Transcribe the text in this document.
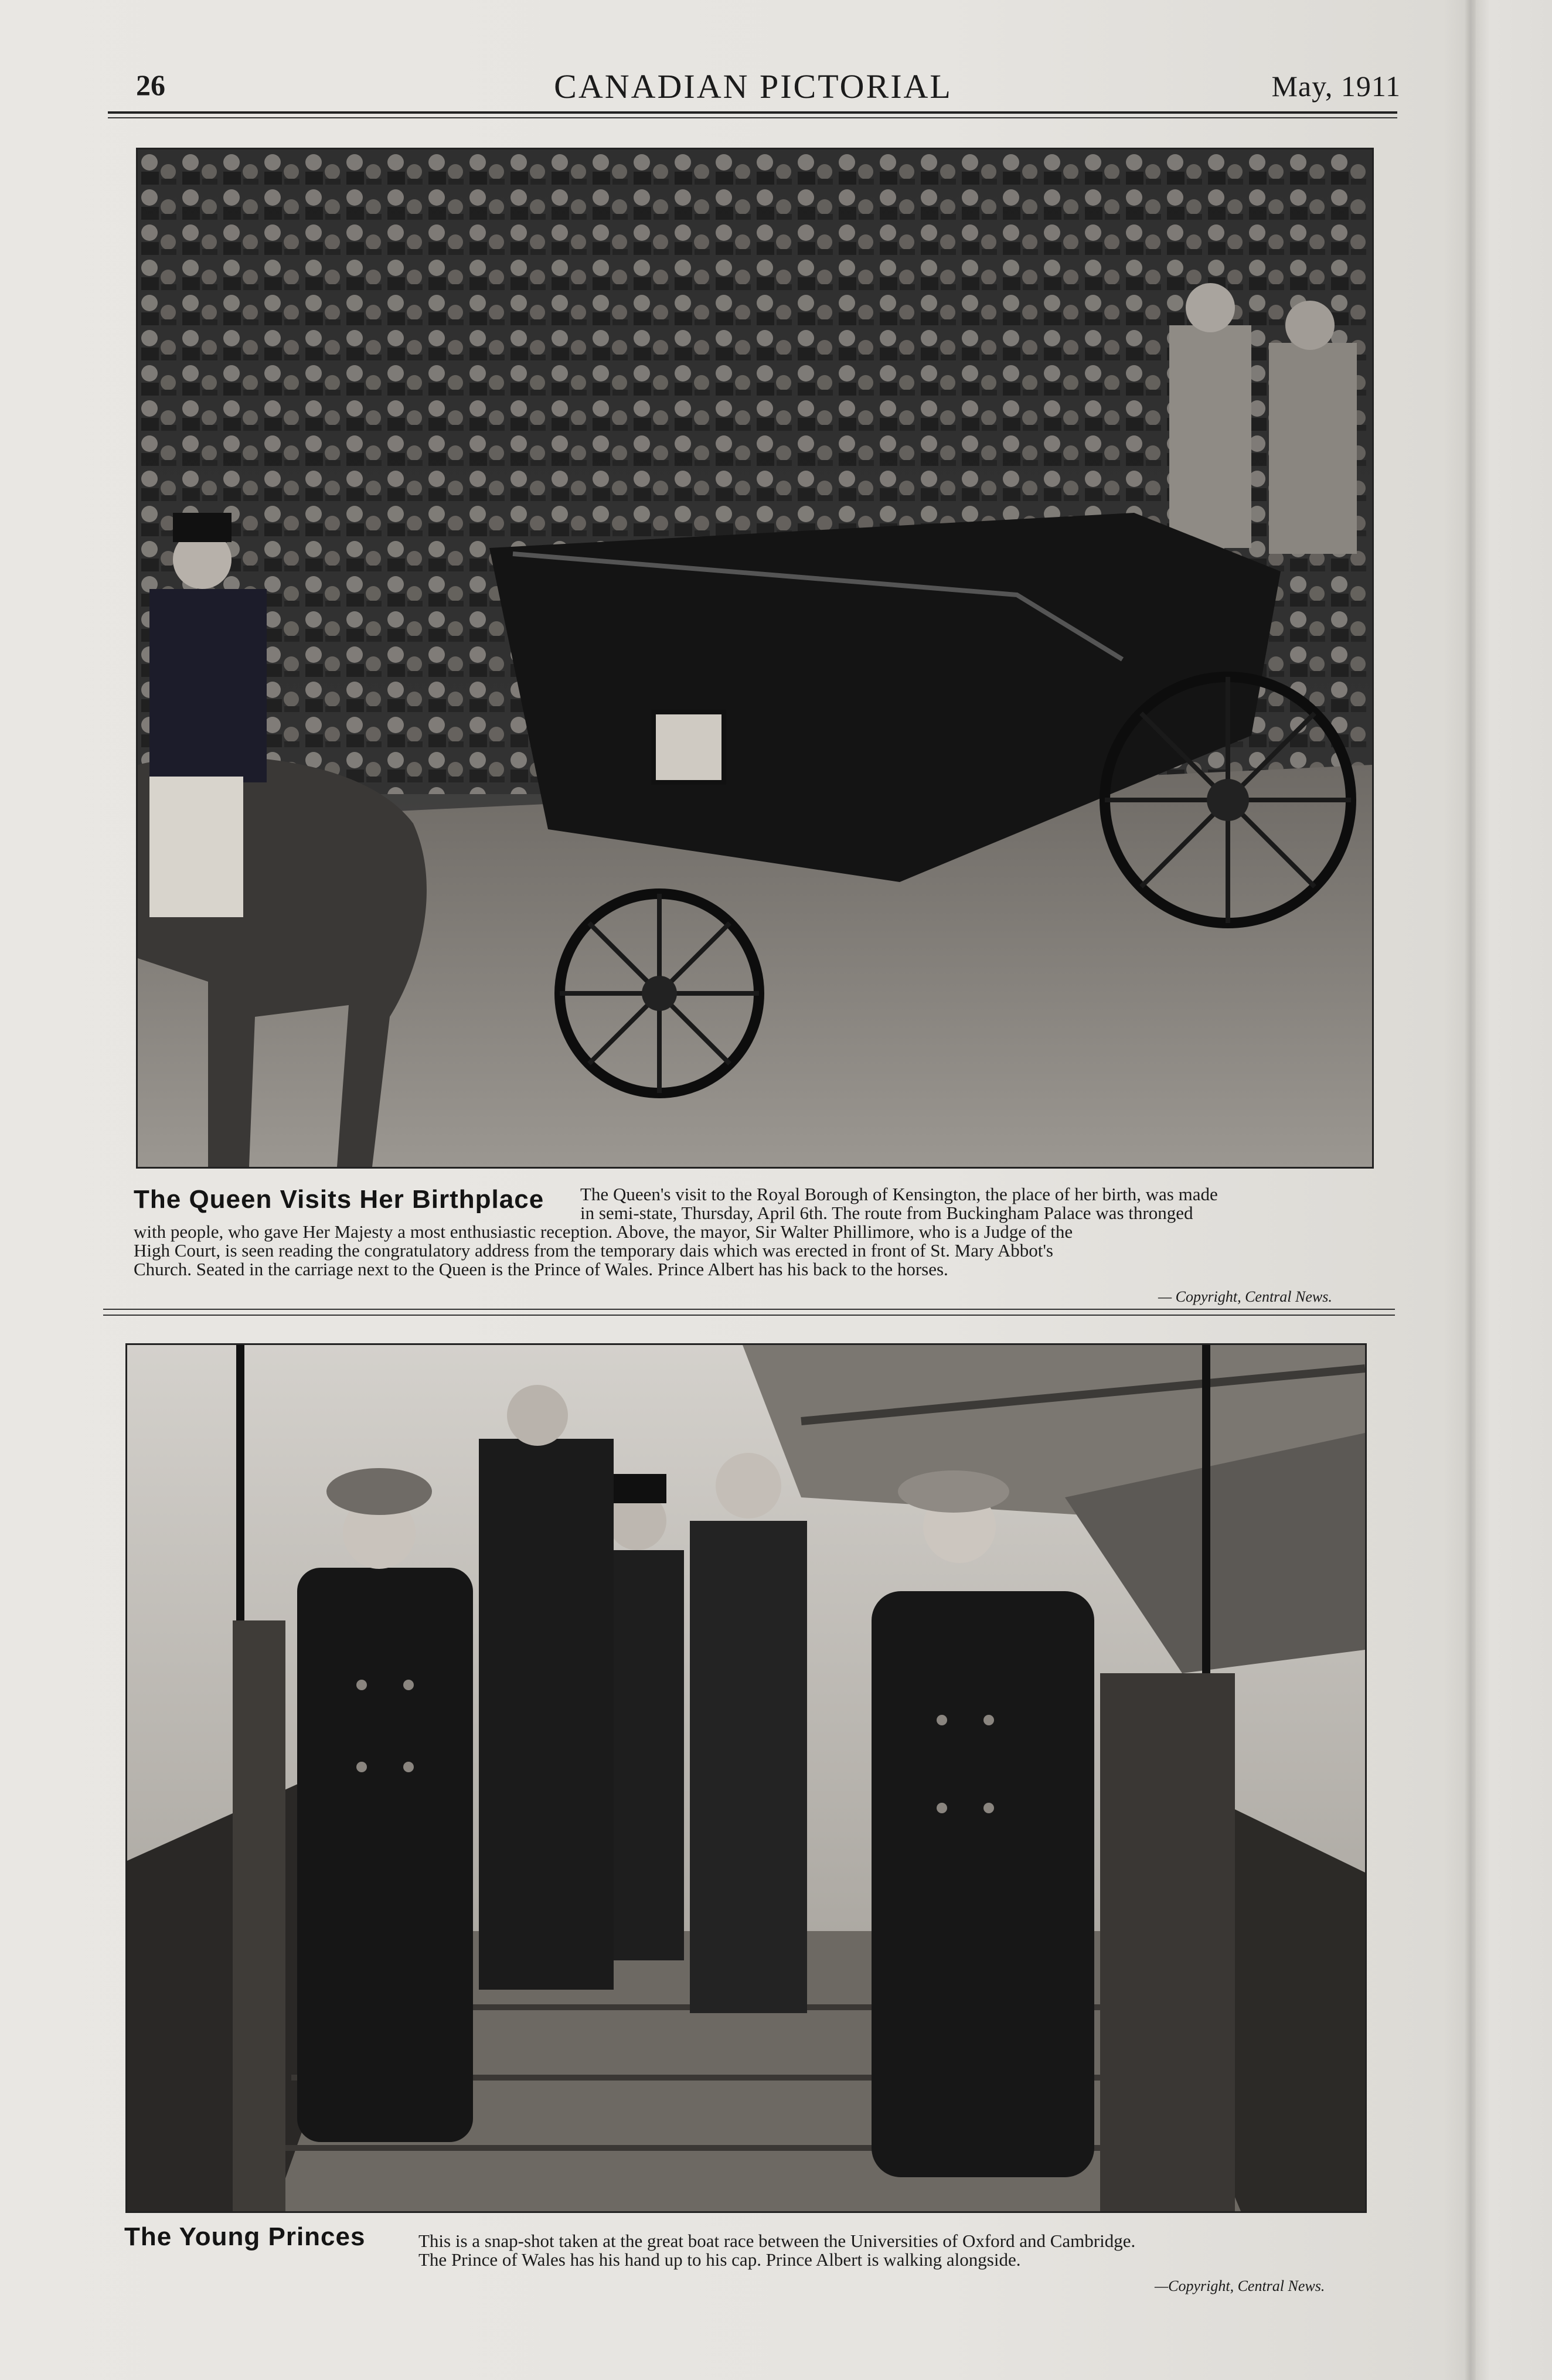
26	CANADIAN PICTORIAL	May, 1911
The Queen Visits Her Birthplace The Queen's visit to the Royal Borough of Kensington, the place of her birth, was made
in semi-state, Thursday, April 6th. The route from Buckingham Palace was thronged
with people, who gave Her Majesty a most enthusiastic reception. Above, the mayor, Sir Walter Phillimore, who is a Judge of the
High Court, is seen reading the congratulatory address from the temporary dais which was erected in front of St. Mary Abbot's
Church. Seated in the carriage next to the Queen is the Prince of Wales. Prince Albert has his back to the horses.
— Copyright, Central News.
The Young Princes	This is a snap-shot taken at the great boat race between the Universities of Oxford and Cambridge.
The Prince of Wales has his hand up to his cap. Prince Albert is walking alongside.
—Copyright, Central News.
